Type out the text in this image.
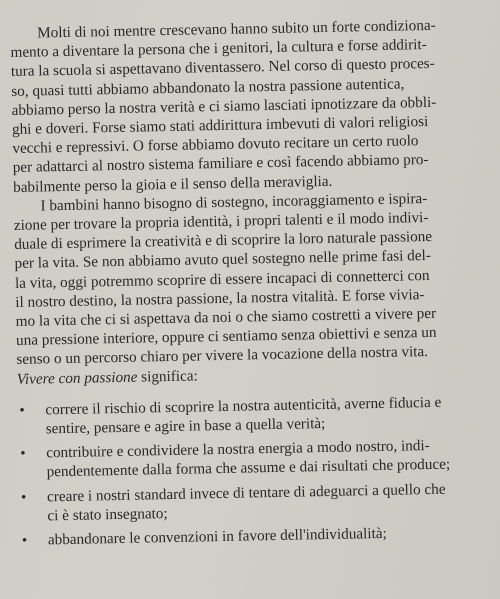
Molti di noi mentre crescevano hanno subito un forte condiziona-
mento a diventare la persona che i genitori, la cultura e forse addirit-
tura la scuola si aspettavano diventassero. Nel corso di questo proces-
so, quasi tutti abbiamo abbandonato la nostra passione autentica,
abbiamo perso la nostra verità e ci siamo lasciati ipnotizzare da obbli-
ghi e doveri. Forse siamo stati addirittura imbevuti di valori religiosi
vecchi e repressivi. O forse abbiamo dovuto recitare un certo ruolo
per adattarci al nostro sistema familiare e così facendo abbiamo pro-
babilmente perso la gioia e il senso della meraviglia.
I bambini hanno bisogno di sostegno, incoraggiamento e ispira-
zione per trovare la propria identità, i propri talenti e il modo indivi-
duale di esprimere la creatività e di scoprire la loro naturale passione
per la vita. Se non abbiamo avuto quel sostegno nelle prime fasi del-
la vita, oggi potremmo scoprire di essere incapaci di connetterci con
il nostro destino, la nostra passione, la nostra vitalità. E forse vivia-
mo la vita che ci si aspettava da noi o che siamo costretti a vivere per
una pressione interiore, oppure ci sentiamo senza obiettivi e senza un
senso o un percorso chiaro per vivere la vocazione della nostra vita.
Vivere con passione significa:
• correre il rischio di scoprire la nostra autenticità, averne fiducia e
sentire, pensare e agire in base a quella verità;
• contribuire e condividere la nostra energia a modo nostro, indi-
pendentemente dalla forma che assume e dai risultati che produce;
• creare i nostri standard invece di tentare di adeguarci a quello che
ci è stato insegnato;
• abbandonare le convenzioni in favore dell'individualità;
